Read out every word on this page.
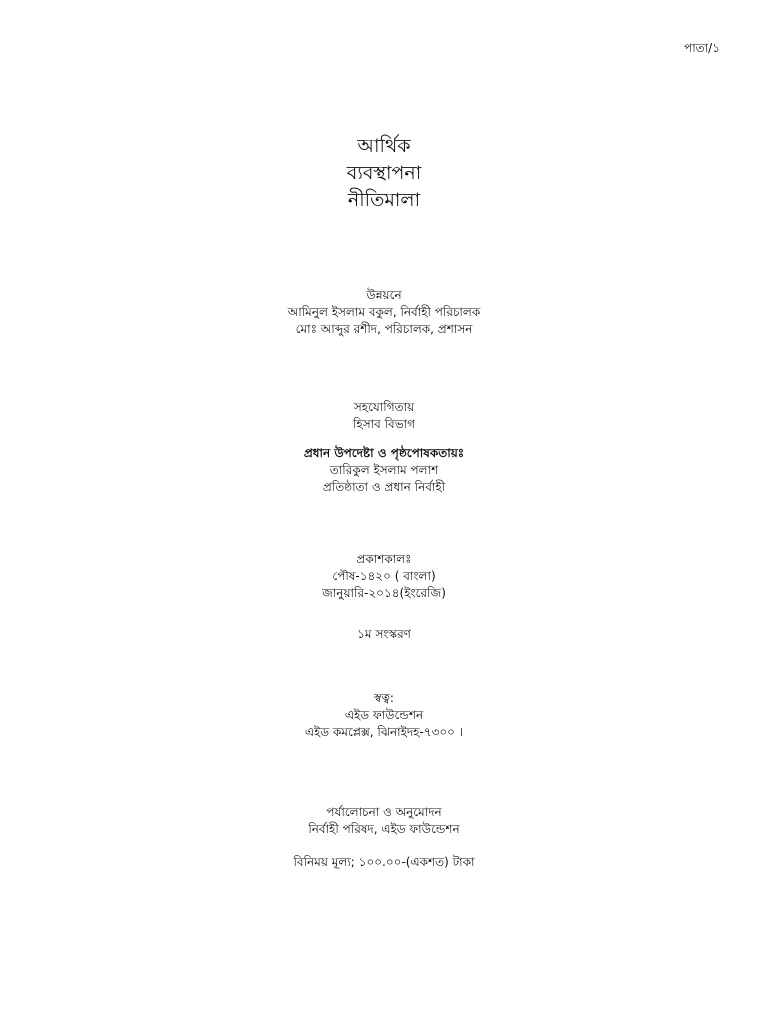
পাতা/১
আর্থিক
ব্যবস্থাপনা
নীতিমালা
উন্নয়নে
আমিনুল ইসলাম বকুল, নির্বাহী পরিচালক
মোঃ আব্দুর রশীদ, পরিচালক, প্রশাসন
সহযোগিতায়
হিসাব বিভাগ
প্রধান উপদেষ্টা ও পৃষ্ঠপোষকতায়ঃ
তারিকুল ইসলাম পলাশ
প্রতিষ্ঠাতা ও প্রধান নির্বাহী
প্রকাশকালঃ
পৌষ-১৪২০ ( বাংলা)
জানুয়ারি-২০১৪(ইংরেজি)
১ম সংস্করণ
স্বত্ব:
এইড ফাউন্ডেশন
এইড কমপ্লেক্স, ঝিনাইদহ-৭৩০০ ।
পর্যালোচনা ও অনুমোদন
নির্বাহী পরিষদ, এইড ফাউন্ডেশন
বিনিময় মূল্য; ১০০.০০-(একশত) টাকা
